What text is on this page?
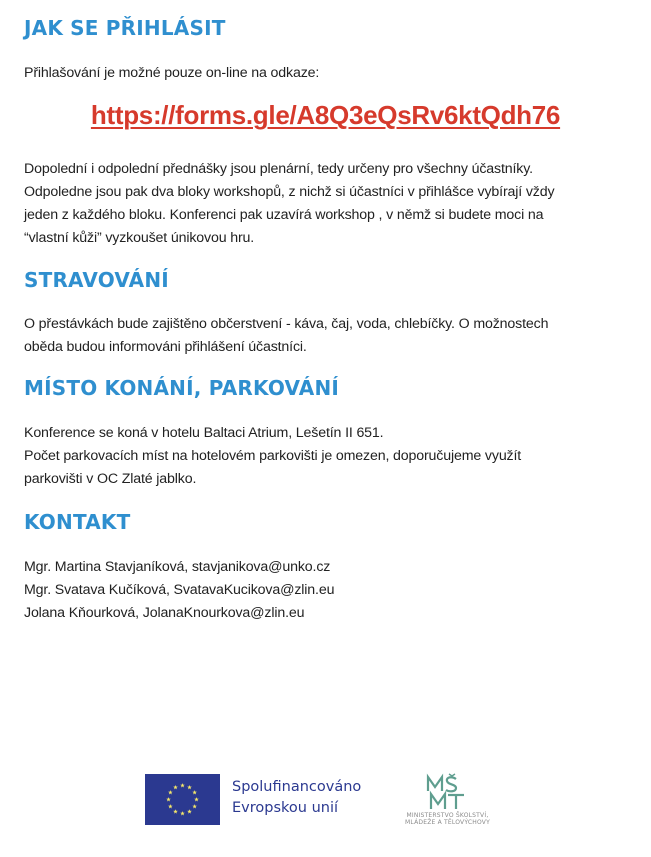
JAK SE PŘIHLÁSIT

Přihlašování je možné pouze on-line na odkaze:

https://forms.gle/A8Q3eQsRv6ktQdh76

Dopolední i odpolední přednášky jsou plenární, tedy určeny pro všechny účastníky.
Odpoledne jsou pak dva bloky workshopů, z nichž si účastníci v přihlášce vybírají vždy
jeden z každého bloku. Konferenci pak uzavírá workshop , v němž si budete moci na
“vlastní kůži” vyzkoušet únikovou hru.

STRAVOVÁNÍ

O přestávkách bude zajištěno občerstvení - káva, čaj, voda, chlebíčky. O možnostech
oběda budou informováni přihlášení účastníci.

MÍSTO KONÁNÍ, PARKOVÁNÍ

Konference se koná v hotelu Baltaci Atrium, Lešetín II 651.
Počet parkovacích míst na hotelovém parkovišti je omezen, doporučujeme využít
parkovišti v OC Zlaté jablko.

KONTAKT

Mgr. Martina Stavjaníková, stavjanikova@unko.cz
Mgr. Svatava Kučíková, SvatavaKucikova@zlin.eu
Jolana Kňourková, JolanaKnourkova@zlin.eu

Spolufinancováno
Evropskou unií	MINISTERSTVO ŠKOLSTVÍ,
MLÁDEŽE A TĚLOVÝCHOVY
